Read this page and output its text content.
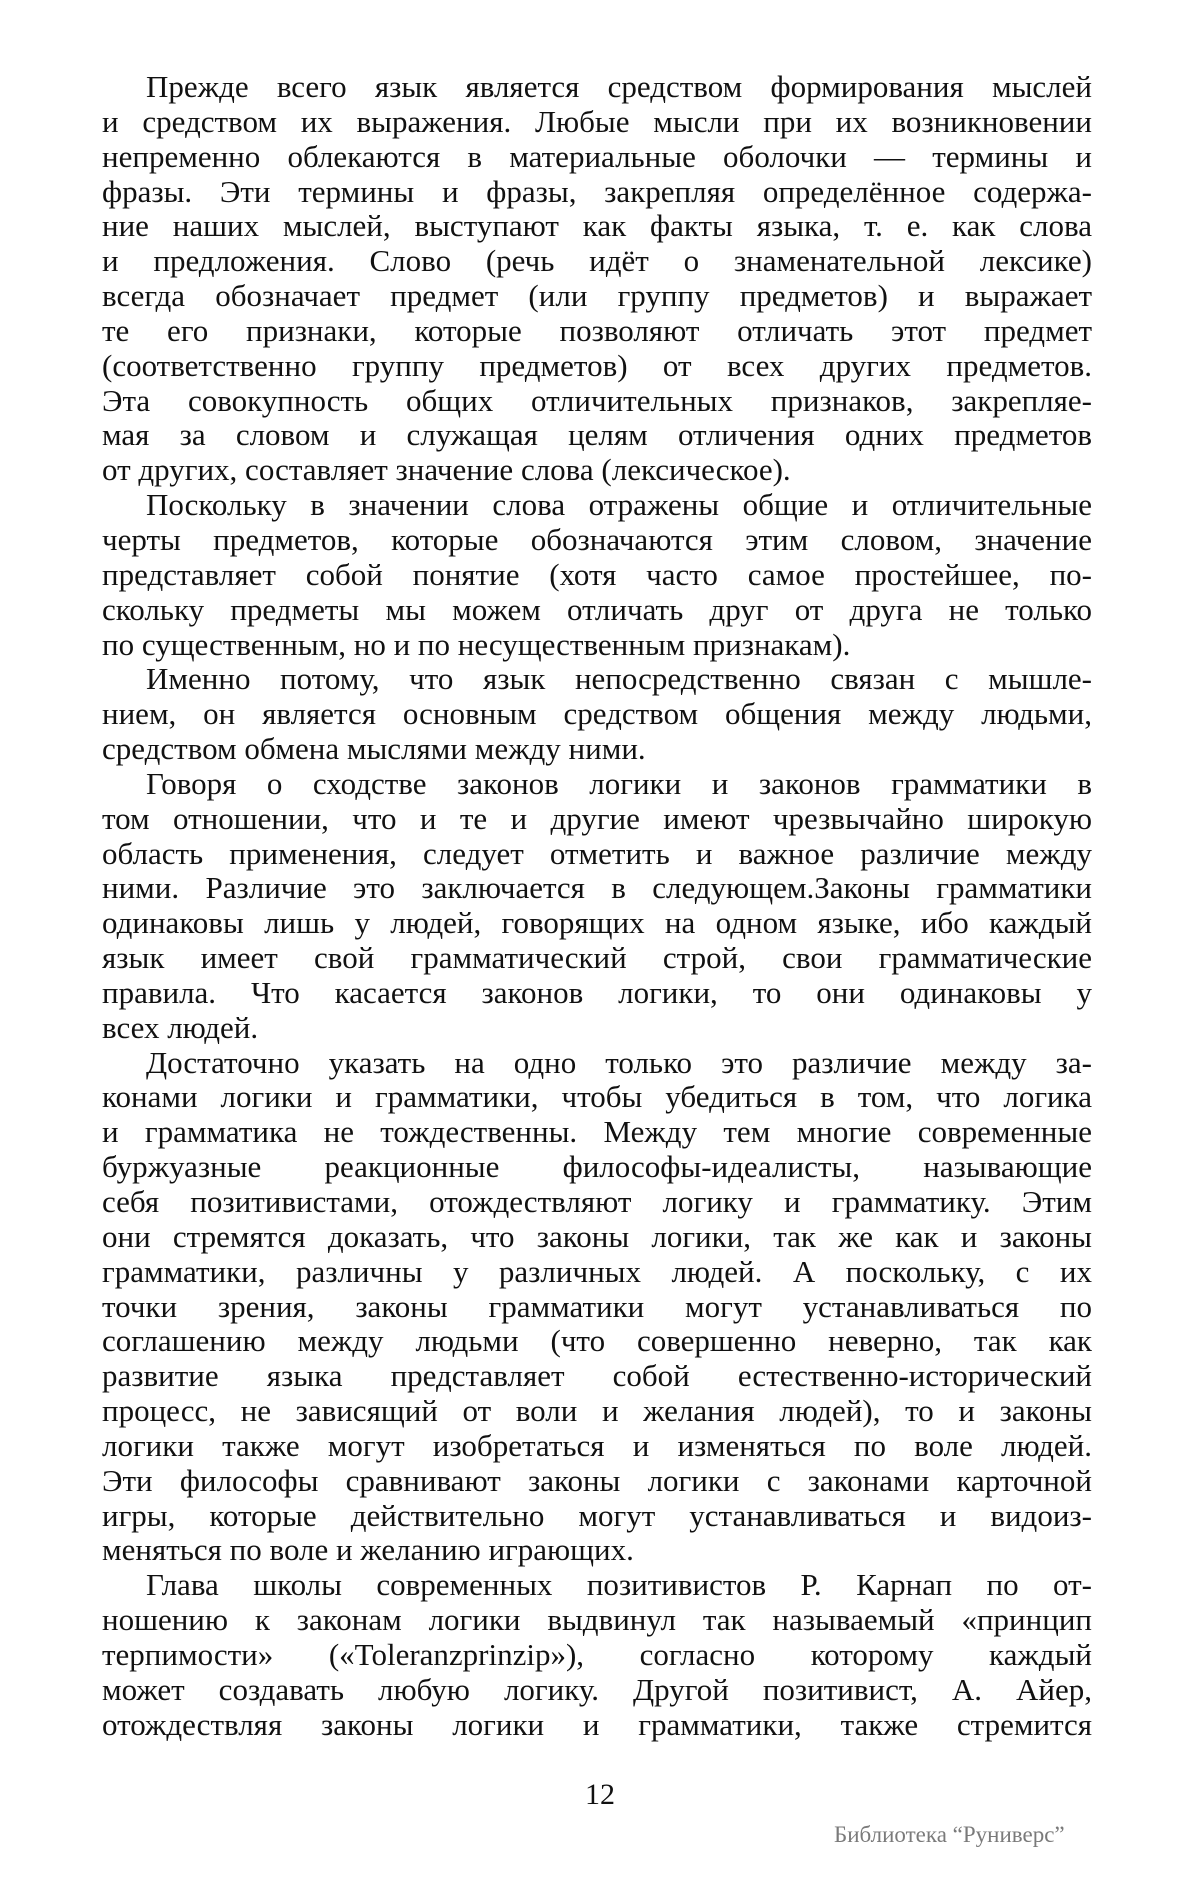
Прежде всего язык является средством формирования мыслей
и средством их выражения. Любые мысли при их возникновении
непременно облекаются в материальные оболочки — термины и
фразы. Эти термины и фразы, закрепляя определённое содержа-
ние наших мыслей, выступают как факты языка, т. е. как слова
и предложения. Слово (речь идёт о знаменательной лексике)
всегда обозначает предмет (или группу предметов) и выражает
те его признаки, которые позволяют отличать этот предмет
(соответственно группу предметов) от всех других предметов.
Эта совокупность общих отличительных признаков, закрепляе-
мая за словом и служащая целям отличения одних предметов
от других, составляет значение слова (лексическое).
Поскольку в значении слова отражены общие и отличительные
черты предметов, которые обозначаются этим словом, значение
представляет собой понятие (хотя часто самое простейшее, по-
скольку предметы мы можем отличать друг от друга не только
по существенным, но и по несущественным признакам).
Именно потому, что язык непосредственно связан с мышле-
нием, он является основным средством общения между людьми,
средством обмена мыслями между ними.
Говоря о сходстве законов логики и законов грамматики в
том отношении, что и те и другие имеют чрезвычайно широкую
область применения, следует отметить и важное различие между
ними. Различие это заключается в следующем.Законы грамматики
одинаковы лишь у людей, говорящих на одном языке, ибо каждый
язык имеет свой грамматический строй, свои грамматические
правила. Что касается законов логики, то они одинаковы у
всех людей.
Достаточно указать на одно только это различие между за-
конами логики и грамматики, чтобы убедиться в том, что логика
и грамматика не тождественны. Между тем многие современные
буржуазные реакционные философы-идеалисты, называющие
себя позитивистами, отождествляют логику и грамматику. Этим
они стремятся доказать, что законы логики, так же как и законы
грамматики, различны у различных людей. А поскольку, с их
точки зрения, законы грамматики могут устанавливаться по
соглашению между людьми (что совершенно неверно, так как
развитие языка представляет собой естественно-исторический
процесс, не зависящий от воли и желания людей), то и законы
логики также могут изобретаться и изменяться по воле людей.
Эти философы сравнивают законы логики с законами карточной
игры, которые действительно могут устанавливаться и видоиз-
меняться по воле и желанию играющих.
Глава школы современных позитивистов Р. Карнап по от-
ношению к законам логики выдвинул так называемый «принцип
терпимости» («Toleranzprinzip»), согласно которому каждый
может создавать любую логику. Другой позитивист, А. Айер,
отождествляя законы логики и грамматики, также стремится
12
Библиотека “Руниверс”
